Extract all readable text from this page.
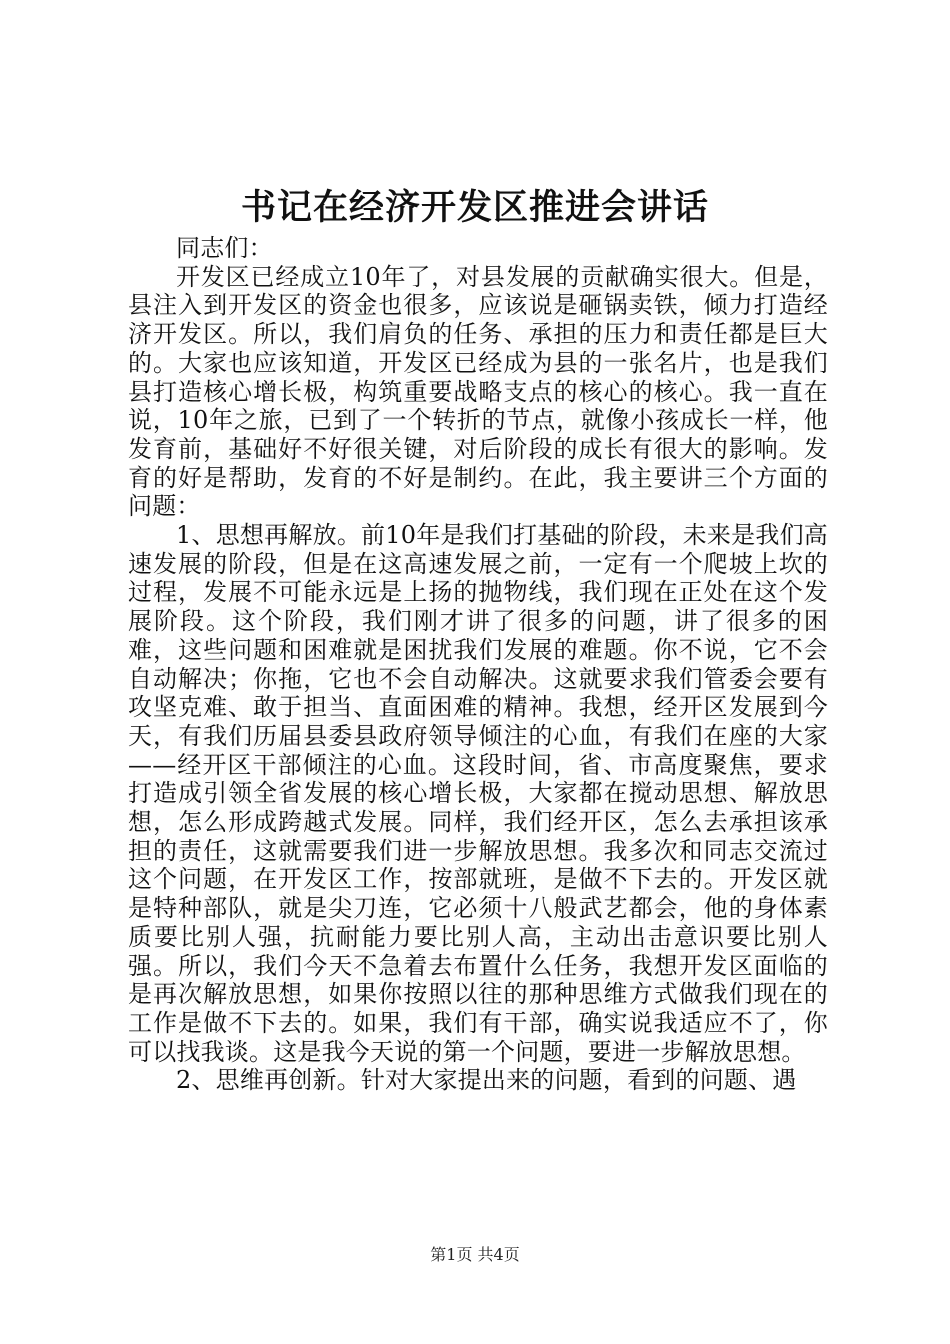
书记在经济开发区推进会讲话

同志们：

开发区已经成立10年了，对县发展的贡献确实很大。但是，县注入到开发区的资金也很多，应该说是砸锅卖铁，倾力打造经济开发区。所以，我们肩负的任务、承担的压力和责任都是巨大的。大家也应该知道，开发区已经成为县的一张名片，也是我们县打造核心增长极，构筑重要战略支点的核心的核心。我一直在说，10年之旅，已到了一个转折的节点，就像小孩成长一样，他发育前，基础好不好很关键，对后阶段的成长有很大的影响。发育的好是帮助，发育的不好是制约。在此，我主要讲三个方面的问题：

1、思想再解放。前10年是我们打基础的阶段，未来是我们高速发展的阶段，但是在这高速发展之前，一定有一个爬坡上坎的过程，发展不可能永远是上扬的抛物线，我们现在正处在这个发展阶段。这个阶段，我们刚才讲了很多的问题，讲了很多的困难，这些问题和困难就是困扰我们发展的难题。你不说，它不会自动解决；你拖，它也不会自动解决。这就要求我们管委会要有攻坚克难、敢于担当、直面困难的精神。我想，经开区发展到今天，有我们历届县委县政府领导倾注的心血，有我们在座的大家——经开区干部倾注的心血。这段时间，省、市高度聚焦，要求打造成引领全省发展的核心增长极，大家都在搅动思想、解放思想，怎么形成跨越式发展。同样，我们经开区，怎么去承担该承担的责任，这就需要我们进一步解放思想。我多次和同志交流过这个问题，在开发区工作，按部就班，是做不下去的。开发区就是特种部队，就是尖刀连，它必须十八般武艺都会，他的身体素质要比别人强，抗耐能力要比别人高，主动出击意识要比别人强。所以，我们今天不急着去布置什么任务，我想开发区面临的是再次解放思想，如果你按照以往的那种思维方式做我们现在的工作是做不下去的。如果，我们有干部，确实说我适应不了，你可以找我谈。这是我今天说的第一个问题，要进一步解放思想。

2、思维再创新。针对大家提出来的问题，看到的问题、遇

第1页 共4页
